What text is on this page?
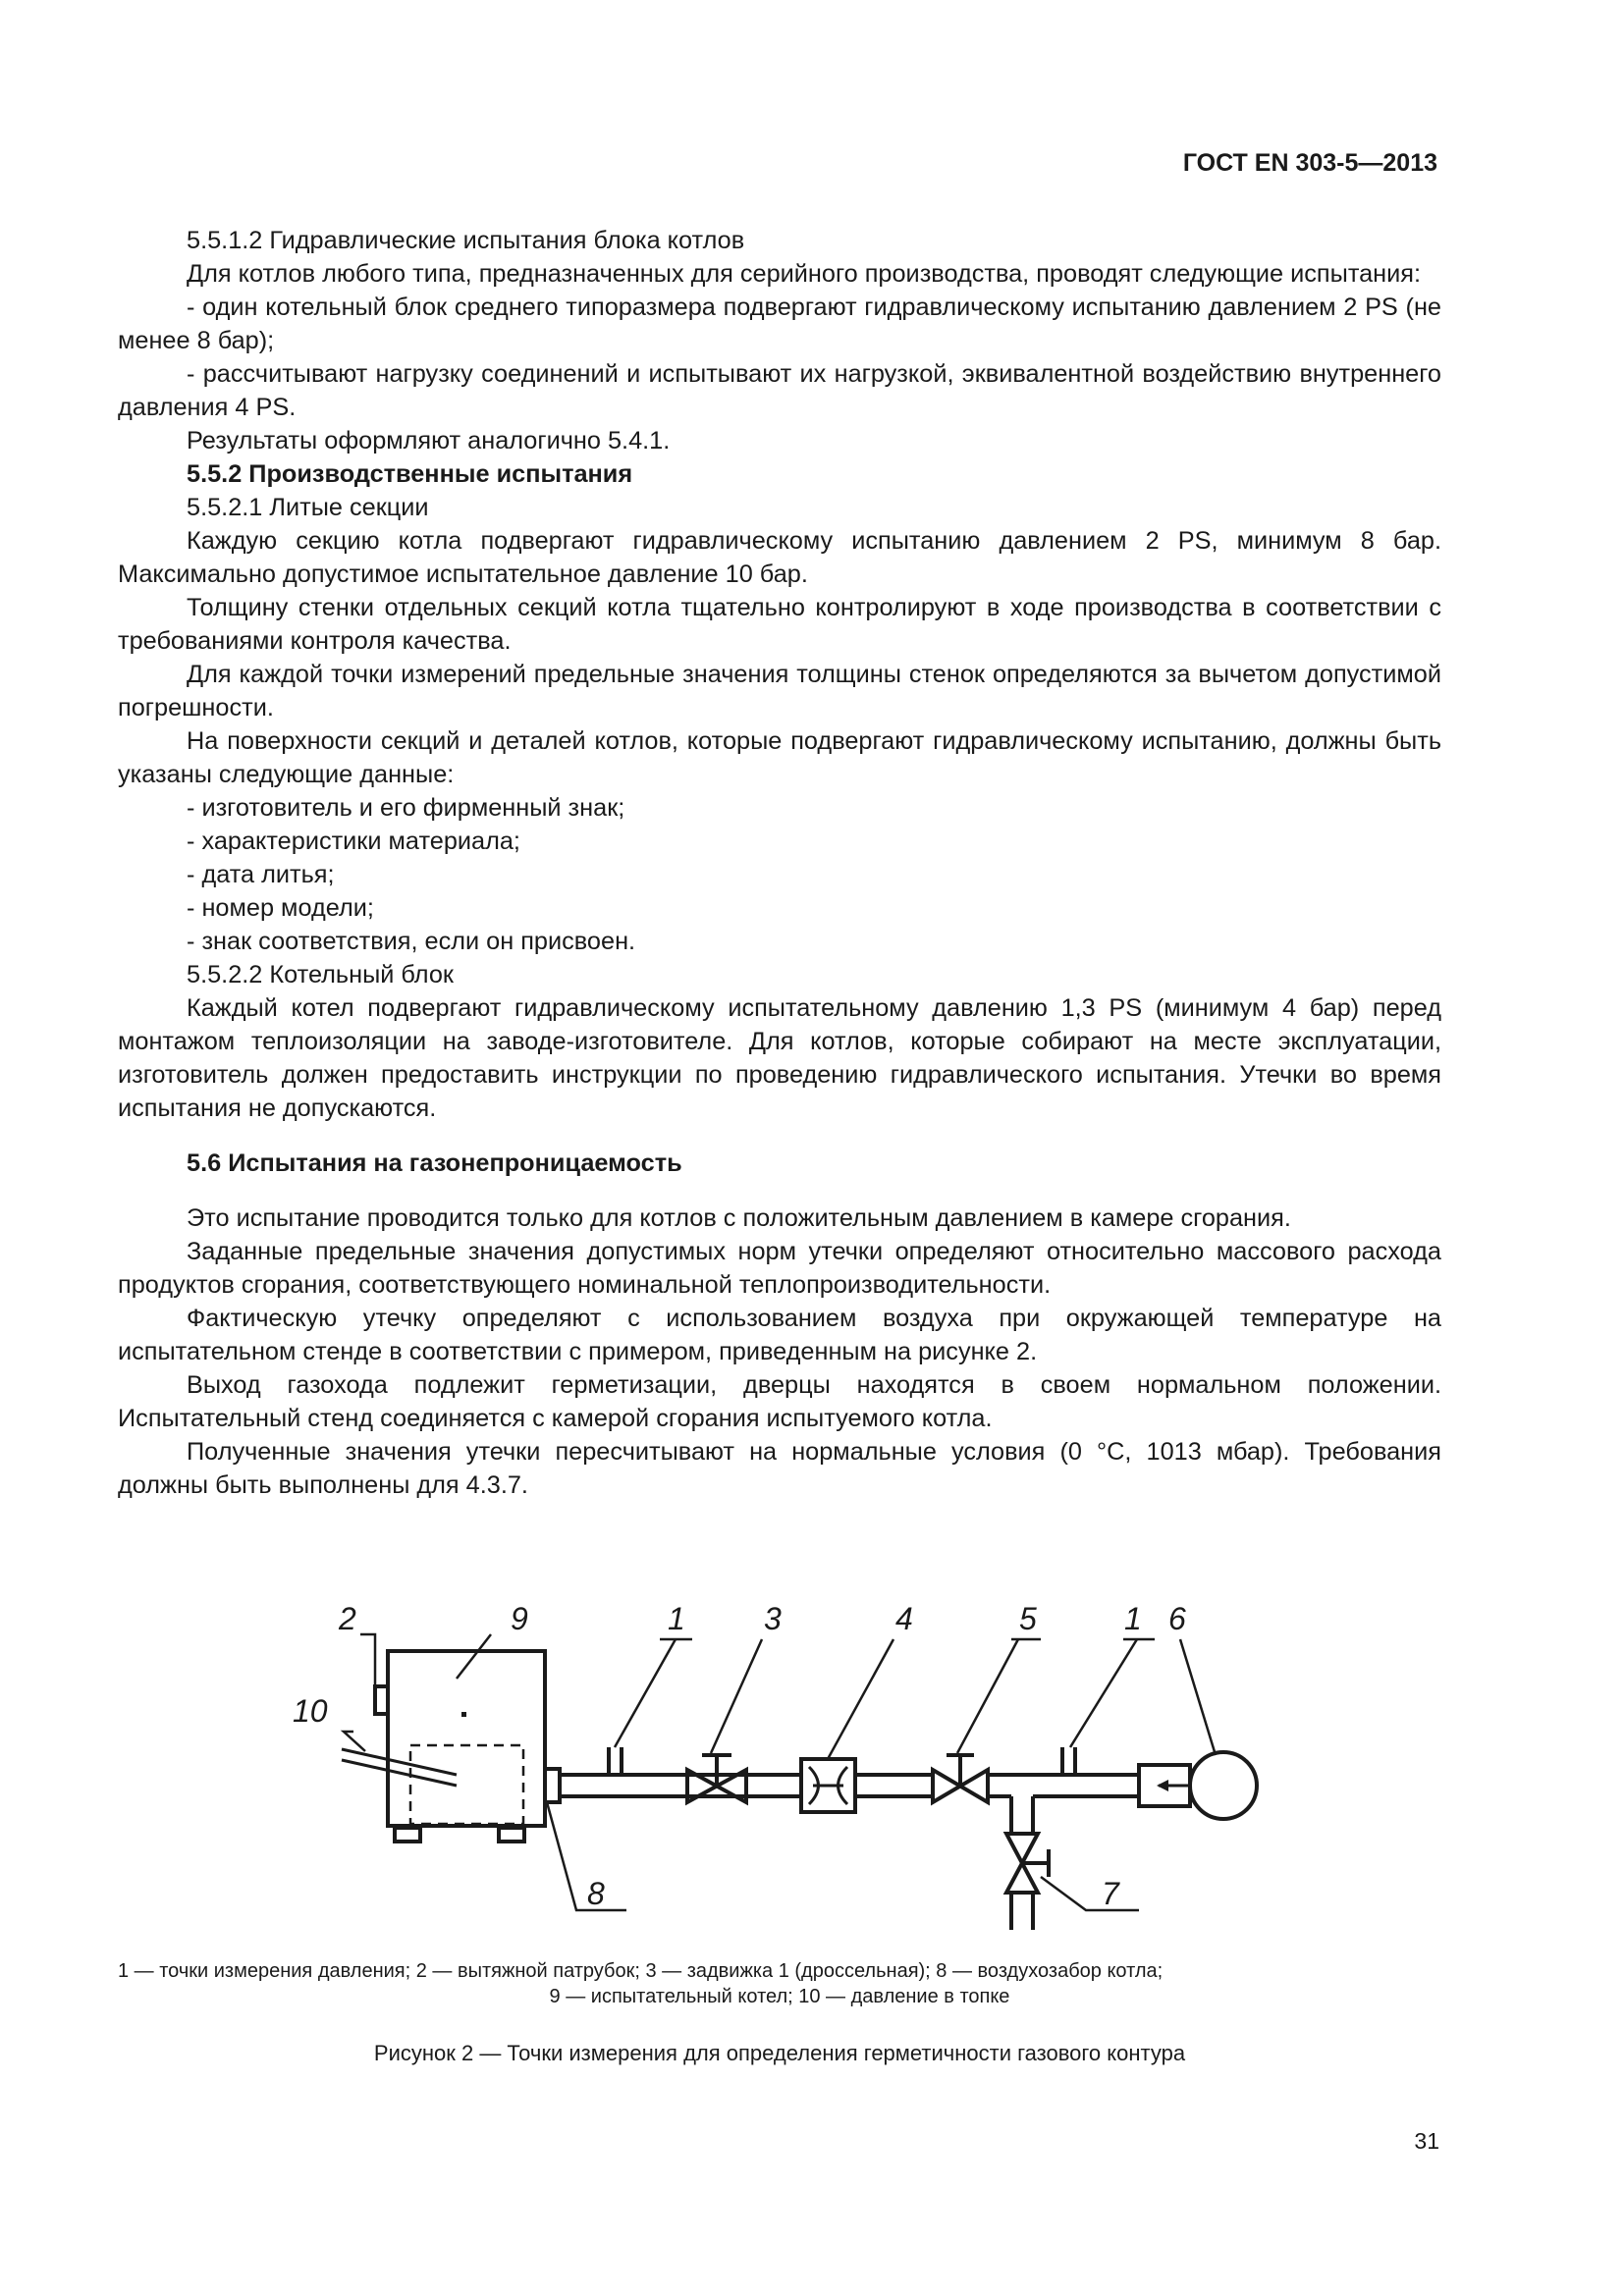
ГОСТ EN 303-5—2013

5.5.1.2 Гидравлические испытания блока котлов

Для котлов любого типа, предназначенных для серийного производства, проводят следующие испытания:

- один котельный блок среднего типоразмера подвергают гидравлическому испытанию давлением 2 PS (не менее 8 бар);

- рассчитывают нагрузку соединений и испытывают их нагрузкой, эквивалентной воздействию внутреннего давления 4 PS.

Результаты оформляют аналогично 5.4.1.

5.5.2 Производственные испытания

5.5.2.1 Литые секции

Каждую секцию котла подвергают гидравлическому испытанию давлением 2 PS, минимум 8 бар. Максимально допустимое испытательное давление 10 бар.

Толщину стенки отдельных секций котла тщательно контролируют в ходе производства в соответствии с требованиями контроля качества.

Для каждой точки измерений предельные значения толщины стенок определяются за вычетом допустимой погрешности.

На поверхности секций и деталей котлов, которые подвергают гидравлическому испытанию, должны быть указаны следующие данные:

- изготовитель и его фирменный знак;

- характеристики материала;

- дата литья;

- номер модели;

- знак соответствия, если он присвоен.

5.5.2.2 Котельный блок

Каждый котел подвергают гидравлическому испытательному давлению 1,3 PS (минимум 4 бар) перед монтажом теплоизоляции на заводе-изготовителе. Для котлов, которые собирают на месте эксплуатации, изготовитель должен предоставить инструкции по проведению гидравлического испытания. Утечки во время испытания не допускаются.

5.6 Испытания на газонепроницаемость

Это испытание проводится только для котлов с положительным давлением в камере сгорания.

Заданные предельные значения допустимых норм утечки определяют относительно массового расхода продуктов сгорания, соответствующего номинальной теплопроизводительности.

Фактическую утечку определяют с использованием воздуха при окружающей температуре на испытательном стенде в соответствии с примером, приведенным на рисунке 2.

Выход газохода подлежит герметизации, дверцы находятся в своем нормальном положении. Испытательный стенд соединяется с камерой сгорания испытуемого котла.

Полученные значения утечки пересчитывают на нормальные условия (0 °C, 1013 мбар). Требования должны быть выполнены для 4.3.7.

2	9	1	3	4	5	1 6
10
8	7
1 — точки измерения давления; 2 — вытяжной патрубок; 3 — задвижка 1 (дроссельная); 8 — воздухозабор котла;
9 — испытательный котел; 10 — давление в топке
Рисунок 2 — Точки измерения для определения герметичности газового контура
31
